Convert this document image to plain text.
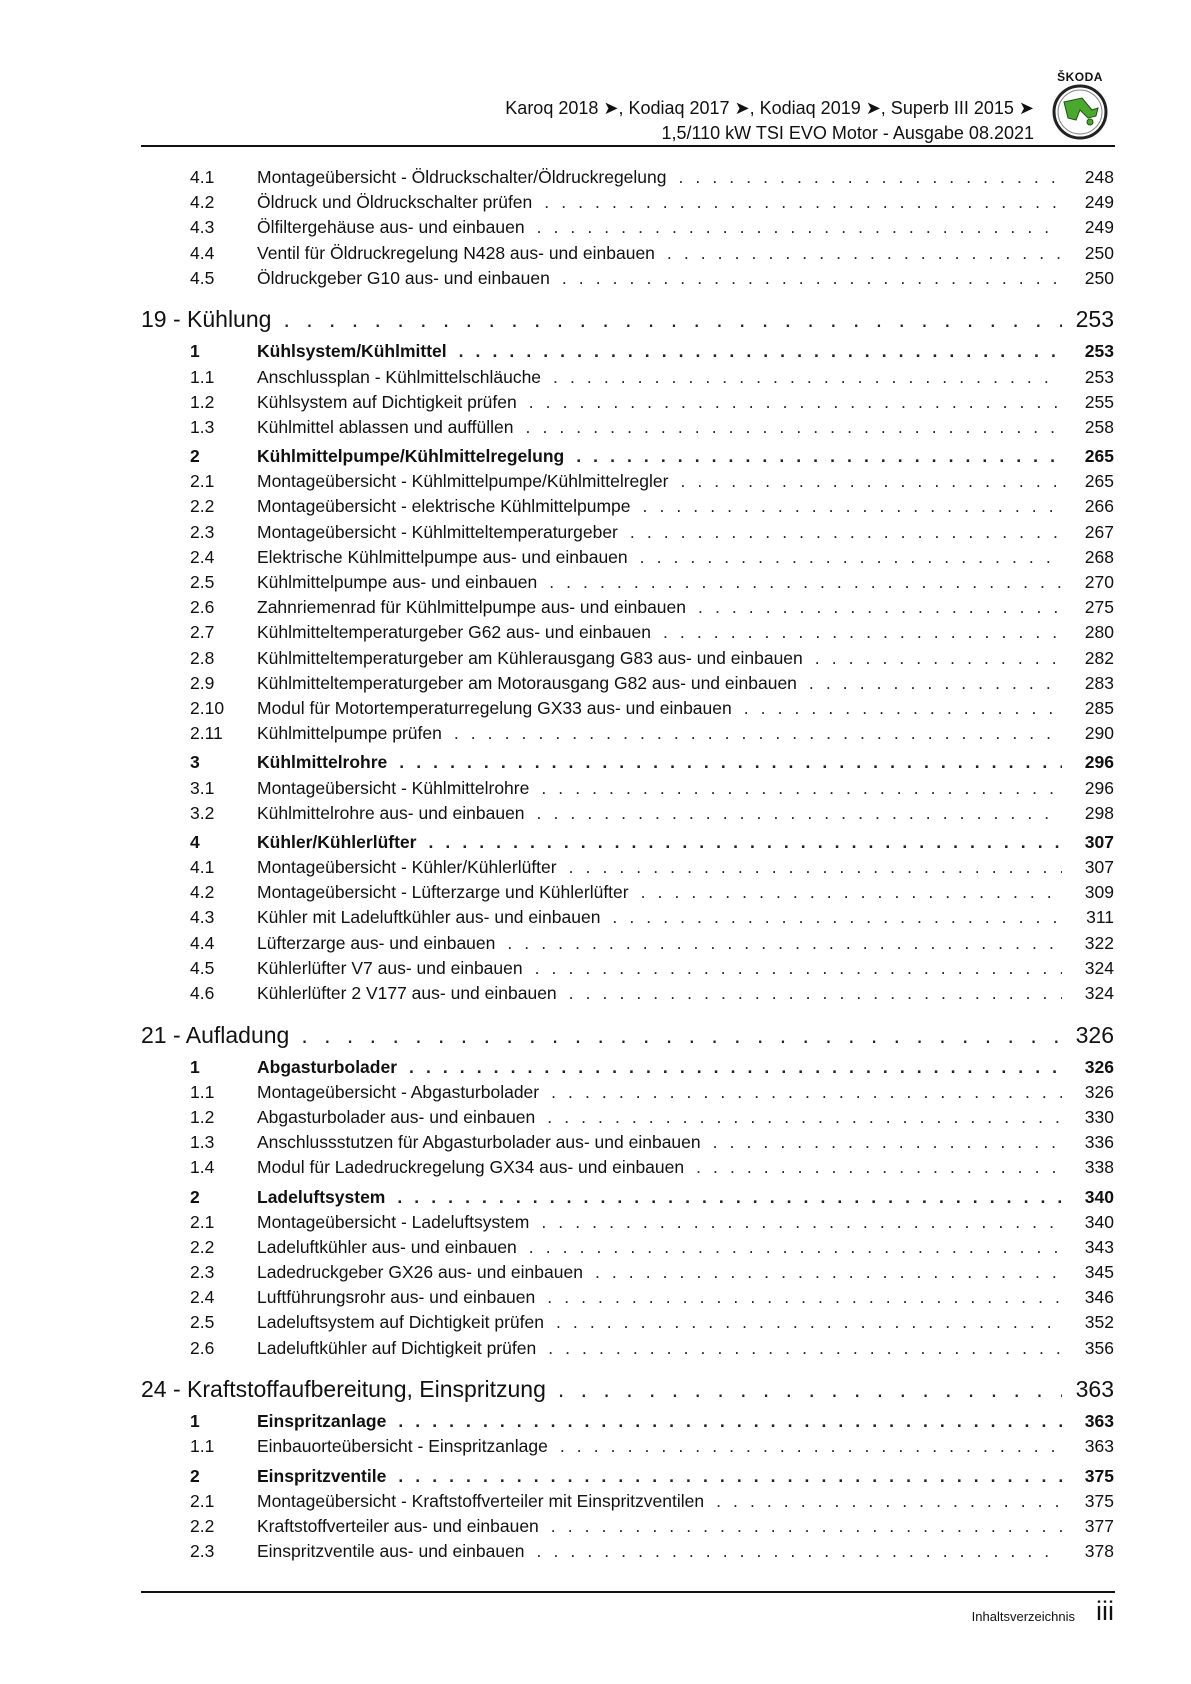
Karoq 2018 ➤, Kodiaq 2017 ➤, Kodiaq 2019 ➤, Superb III 2015 ➤
1,5/110 kW TSI EVO Motor - Ausgabe 08.2021
ŠKODA
4.1	Montageübersicht - Öldruckschalter/Öldruckregelung . . .	248
4.2	Öldruck und Öldruckschalter prüfen . . .	249
4.3	Ölfiltergehäuse aus- und einbauen . . .	249
4.4	Ventil für Öldruckregelung N428 aus- und einbauen . . .	250
4.5	Öldruckgeber G10 aus- und einbauen . . .	250
19 - Kühlung . . .	253
1	Kühlsystem/Kühlmittel . . .	253
1.1	Anschlussplan - Kühlmittelschläuche . . .	253
1.2	Kühlsystem auf Dichtigkeit prüfen . . .	255
1.3	Kühlmittel ablassen und auffüllen . . .	258
2	Kühlmittelpumpe/Kühlmittelregelung . . .	265
2.1	Montageübersicht - Kühlmittelpumpe/Kühlmittelregler . . .	265
2.2	Montageübersicht - elektrische Kühlmittelpumpe . . .	266
2.3	Montageübersicht - Kühlmitteltemperaturgeber . . .	267
2.4	Elektrische Kühlmittelpumpe aus- und einbauen . . .	268
2.5	Kühlmittelpumpe aus- und einbauen . . .	270
2.6	Zahnriemenrad für Kühlmittelpumpe aus- und einbauen . . .	275
2.7	Kühlmitteltemperaturgeber G62 aus- und einbauen . . .	280
2.8	Kühlmitteltemperaturgeber am Kühlerausgang G83 aus- und einbauen . . .	282
2.9	Kühlmitteltemperaturgeber am Motorausgang G82 aus- und einbauen . . .	283
2.10	Modul für Motortemperaturregelung GX33 aus- und einbauen . . .	285
2.11	Kühlmittelpumpe prüfen . . .	290
3	Kühlmittelrohre . . .	296
3.1	Montageübersicht - Kühlmittelrohre . . .	296
3.2	Kühlmittelrohre aus- und einbauen . . .	298
4	Kühler/Kühlerlüfter . . .	307
4.1	Montageübersicht - Kühler/Kühlerlüfter . . .	307
4.2	Montageübersicht - Lüfterzarge und Kühlerlüfter . . .	309
4.3	Kühler mit Ladeluftkühler aus- und einbauen . . .	311
4.4	Lüfterzarge aus- und einbauen . . .	322
4.5	Kühlerlüfter V7 aus- und einbauen . . .	324
4.6	Kühlerlüfter 2 V177 aus- und einbauen . . .	324
21 - Aufladung . . .	326
1	Abgasturbolader . . .	326
1.1	Montageübersicht - Abgasturbolader . . .	326
1.2	Abgasturbolader aus- und einbauen . . .	330
1.3	Anschlussstutzen für Abgasturbolader aus- und einbauen . . .	336
1.4	Modul für Ladedruckregelung GX34 aus- und einbauen . . .	338
2	Ladeluftsystem . . .	340
2.1	Montageübersicht - Ladeluftsystem . . .	340
2.2	Ladeluftkühler aus- und einbauen . . .	343
2.3	Ladedruckgeber GX26 aus- und einbauen . . .	345
2.4	Luftführungsrohr aus- und einbauen . . .	346
2.5	Ladeluftsystem auf Dichtigkeit prüfen . . .	352
2.6	Ladeluftkühler auf Dichtigkeit prüfen . . .	356
24 - Kraftstoffaufbereitung, Einspritzung . . .	363
1	Einspritzanlage . . .	363
1.1	Einbauorteübersicht - Einspritzanlage . . .	363
2	Einspritzventile . . .	375
2.1	Montageübersicht - Kraftstoffverteiler mit Einspritzventilen . . .	375
2.2	Kraftstoffverteiler aus- und einbauen . . .	377
2.3	Einspritzventile aus- und einbauen . . .	378
Inhaltsverzeichnis iii
